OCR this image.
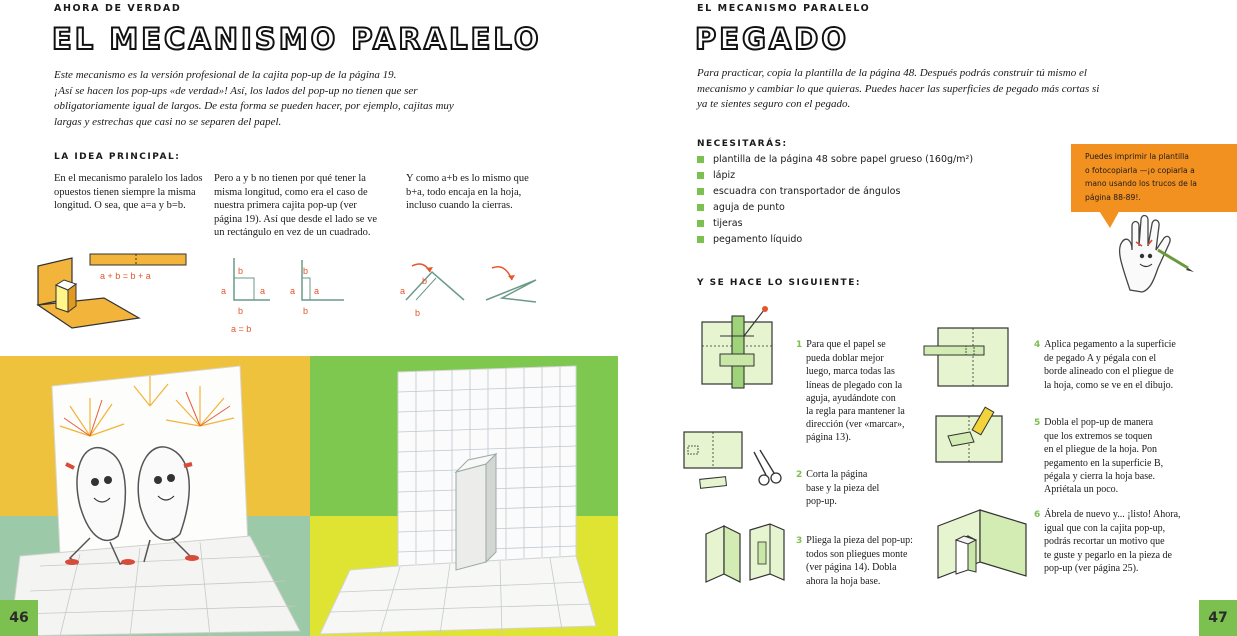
AHORA DE VERDAD
EL MECANISMO PARALELO
Este mecanismo es la versión profesional de la cajita pop-up de la página 19.
¡Así se hacen los pop-ups «de verdad»! Así, los lados del pop-up no tienen que ser
obligatoriamente igual de largos. De esta forma se pueden hacer, por ejemplo, cajitas muy
largas y estrechas que casi no se separen del papel.
LA IDEA PRINCIPAL:
En el mecanismo paralelo los lados
opuestos tienen siempre la misma
longitud. O sea, que a=a y b=b.
Pero a y b no tienen por qué tener la
misma longitud, como era el caso de
nuestra primera cajita pop-up (ver
página 19). Así que desde el lado se ve
un rectángulo en vez de un cuadrado.
Y como a+b es lo mismo que
b+a, todo encaja en la hoja,
incluso cuando la cierras.
a + b = b + a	b
a	a
b
a = b
b
a a
b
b
a
b
46
EL MECANISMO PARALELO
PEGADO
Para practicar, copia la plantilla de la página 48. Después podrás construir tú mismo el
mecanismo y cambiar lo que quieras. Puedes hacer las superficies de pegado más cortas si
ya te sientes seguro con el pegado.
NECESITARÁS:
plantilla de la página 48 sobre papel grueso (160g/m²)
lápiz
escuadra con transportador de ángulos
aguja de punto
tijeras
pegamento líquido
Puedes imprimir la plantilla
o fotocopiarla —¡o copiarla a
mano usando los trucos de la
página 88-89!.
Y SE HACE LO SIGUIENTE:
1 Para que el papel se
pueda doblar mejor
luego, marca todas las
líneas de plegado con la
aguja, ayudándote con
la regla para mantener la
dirección (ver «marcar»,
página 13).
2 Corta la página
base y la pieza del
pop-up.
3 Pliega la pieza del pop-up:
todos son pliegues monte
(ver página 14). Dobla
ahora la hoja base.
4 Aplica pegamento a la superficie
de pegado A y pégala con el
borde alineado con el pliegue de
la hoja, como se ve en el dibujo.
5 Dobla el pop-up de manera
que los extremos se toquen
en el pliegue de la hoja. Pon
pegamento en la superficie B,
pégala y cierra la hoja base.
Apriétala un poco.
6 Ábrela de nuevo y... ¡listo! Ahora,
igual que con la cajita pop-up,
podrás recortar un motivo que
te guste y pegarlo en la pieza de
pop-up (ver página 25).
47
